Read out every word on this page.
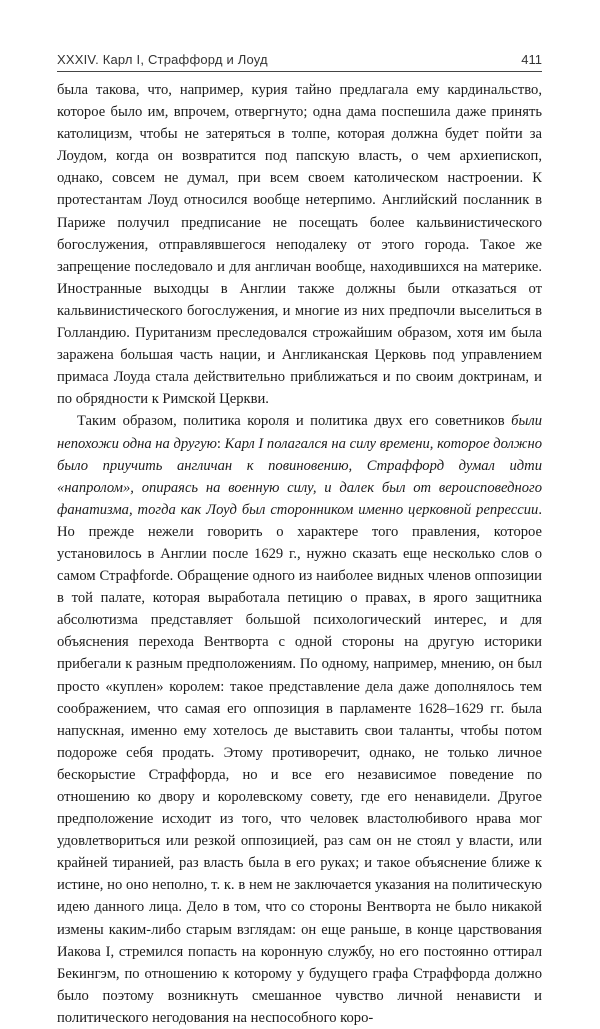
XXXIV. Карл I, Страффорд и Лоуд	411

была такова, что, например, курия тайно предлагала ему кардинальство, которое было им, впрочем, отвергнуто; одна дама поспешила даже принять католицизм, чтобы не затеряться в толпе, которая должна будет пойти за Лоудом, когда он возвратится под папскую власть, о чем архиепископ, однако, совсем не думал, при всем своем католическом настроении. К протестантам Лоуд относился вообще нетерпимо. Английский посланник в Париже получил предписание не посещать более кальвинистического богослужения, отправлявшегося неподалеку от этого города. Такое же запрещение последовало и для англичан вообще, находившихся на материке. Иностранные выходцы в Англии также должны были отказаться от кальвинистического богослужения, и многие из них предпочли выселиться в Голландию. Пуританизм преследовался строжайшим образом, хотя им была заражена большая часть нации, и Англиканская Церковь под управлением примаса Лоуда стала действительно приближаться и по своим доктринам, и по обрядности к Римской Церкви.

Таким образом, политика короля и политика двух его советников были непохожи одна на другую: Карл I полагался на силу времени, которое должно было приучить англичан к повиновению, Страффорд думал идти «напролом», опираясь на военную силу, и далек был от вероисповедного фанатизма, тогда как Лоуд был сторонником именно церковной репрессии. Но прежде нежели говорить о характере того правления, которое установилось в Англии после 1629 г., нужно сказать еще несколько слов о самом Страфforde. Обращение одного из наиболее видных членов оппозиции в той палате, которая выработала петицию о правах, в ярого защитника абсолютизма представляет большой психологический интерес, и для объяснения перехода Вентворта с одной стороны на другую историки прибегали к разным предположениям. По одному, например, мнению, он был просто «куплен» королем: такое представление дела даже дополнялось тем соображением, что самая его оппозиция в парламенте 1628–1629 гг. была напускная, именно ему хотелось де выставить свои таланты, чтобы потом подороже себя продать. Этому противоречит, однако, не только личное бескорыстие Страффорда, но и все его независимое поведение по отношению ко двору и королевскому совету, где его ненавидели. Другое предположение исходит из того, что человек властолюбивого нрава мог удовлетвориться или резкой оппозицией, раз сам он не стоял у власти, или крайней тиранией, раз власть была в его руках; и такое объяснение ближе к истине, но оно неполно, т. к. в нем не заключается указания на политическую идею данного лица. Дело в том, что со стороны Вентворта не было никакой измены каким-либо старым взглядам: он еще раньше, в конце царствования Иакова I, стремился попасть на коронную службу, но его постоянно оттирал Бекингэм, по отношению к которому у будущего графа Страффорда должно было поэтому возникнуть смешанное чувство личной ненависти и политического негодования на неспособного коро-
